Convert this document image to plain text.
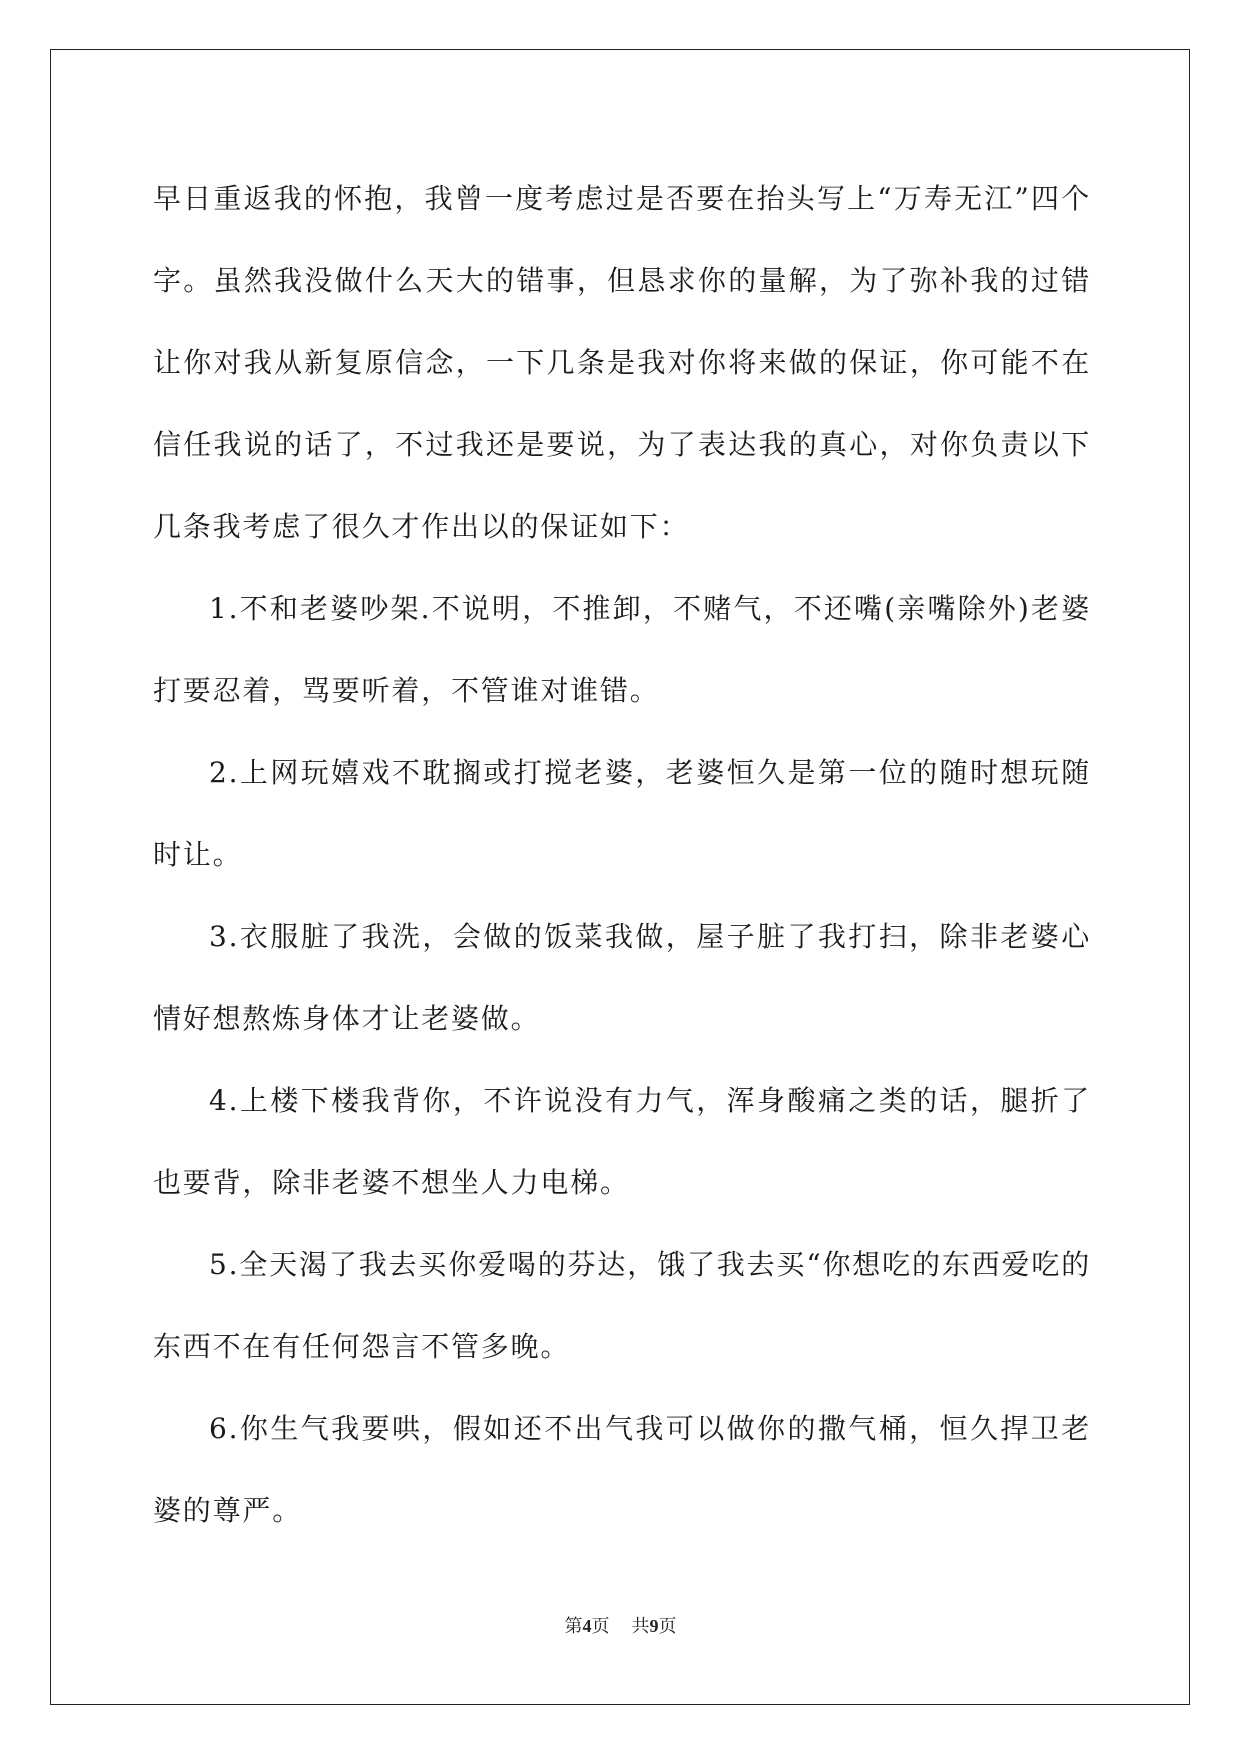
早日重返我的怀抱，我曾一度考虑过是否要在抬头写上“万寿无江”四个字。虽然我没做什么天大的错事，但恳求你的量解，为了弥补我的过错让你对我从新复原信念，一下几条是我对你将来做的保证，你可能不在信任我说的话了，不过我还是要说，为了表达我的真心，对你负责以下几条我考虑了很久才作出以的保证如下：

1.不和老婆吵架.不说明，不推卸，不赌气，不还嘴(亲嘴除外)老婆打要忍着，骂要听着，不管谁对谁错。

2.上网玩嬉戏不耽搁或打搅老婆，老婆恒久是第一位的随时想玩随时让。

3.衣服脏了我洗，会做的饭菜我做，屋子脏了我打扫，除非老婆心情好想熬炼身体才让老婆做。

4.上楼下楼我背你，不许说没有力气，浑身酸痛之类的话，腿折了也要背，除非老婆不想坐人力电梯。

5.全天渴了我去买你爱喝的芬达，饿了我去买“你想吃的东西爱吃的东西不在有任何怨言不管多晚。

6.你生气我要哄，假如还不出气我可以做你的撒气桶，恒久捍卫老婆的尊严。

第4页 共9页
